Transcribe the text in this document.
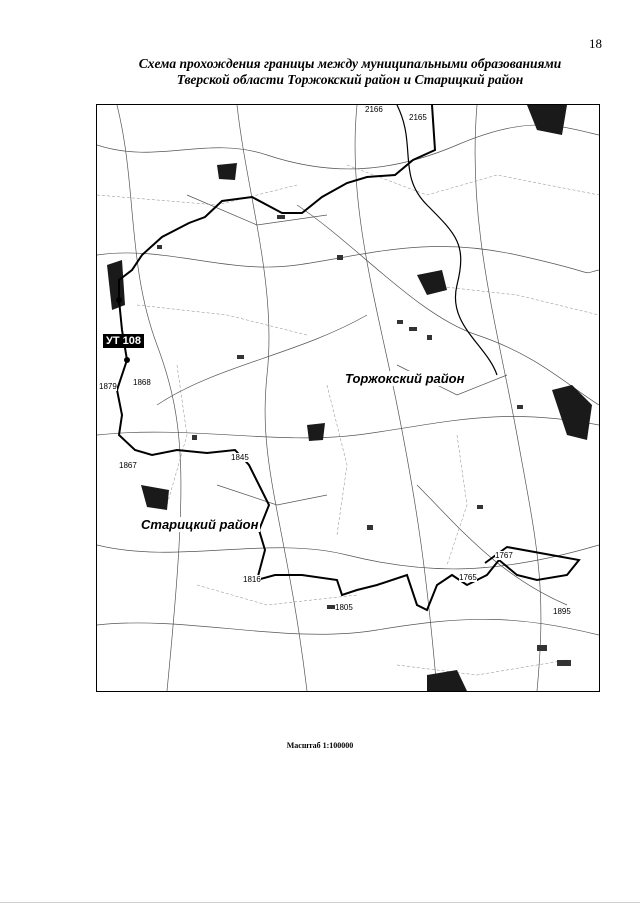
18
Схема прохождения границы между муниципальными образованиями
Тверской области Торжокский район и Старицкий район
Торжокский район
Старицкий район
УТ 108
2166
2165
1879 1868
1867
1845
1816
1805
1767
1765
1895
Масштаб 1:100000
